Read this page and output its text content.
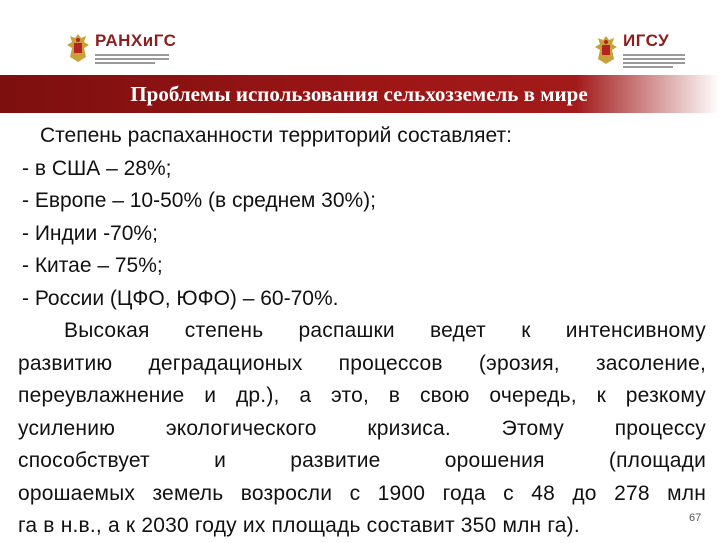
РАНХиГС	ИГСУ
Проблемы использования сельхозземель в мире
Степень распаханности территорий составляет:
- в США – 28%;
- Европе – 10-50% (в среднем 30%);
- Индии -70%;
- Китае – 75%;
- России (ЦФО, ЮФО) – 60-70%.
Высокая степень распашки ведет к интенсивному
развитию деградационых процессов (эрозия, засоление,
переувлажнение и др.), а это, в свою очередь, к резкому
усилению экологического кризиса. Этому процессу
способствует и развитие орошения (площади
орошаемых земель возросли с 1900 года с 48 до 278 млн
га в н.в., а к 2030 году их площадь составит 350 млн га).	67
